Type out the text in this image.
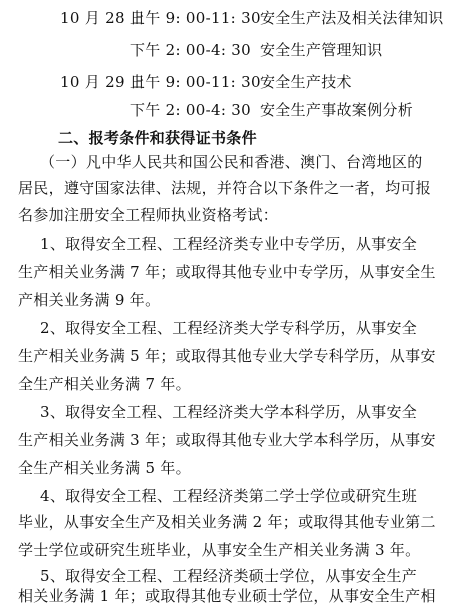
10 月 28 日上午 9: 00-11: 30安全生产法及相关法律知识
下午 2: 00-4: 30 安全生产管理知识
10 月 29 日上午 9: 00-11: 30安全生产技术
下午 2: 00-4: 30 安全生产事故案例分析
二、报考条件和获得证书条件
（一）凡中华人民共和国公民和香港、澳门、台湾地区的
居民，遵守国家法律、法规，并符合以下条件之一者，均可报
名参加注册安全工程师执业资格考试：
1、取得安全工程、工程经济类专业中专学历，从事安全
生产相关业务满 7 年；或取得其他专业中专学历，从事安全生
产相关业务满 9 年。
2、取得安全工程、工程经济类大学专科学历，从事安全
生产相关业务满 5 年；或取得其他专业大学专科学历，从事安
全生产相关业务满 7 年。
3、取得安全工程、工程经济类大学本科学历，从事安全
生产相关业务满 3 年；或取得其他专业大学本科学历，从事安
全生产相关业务满 5 年。
4、取得安全工程、工程经济类第二学士学位或研究生班
毕业，从事安全生产及相关业务满 2 年；或取得其他专业第二
学士学位或研究生班毕业，从事安全生产相关业务满 3 年。
5、取得安全工程、工程经济类硕士学位，从事安全生产
相关业务满 1 年；或取得其他专业硕士学位，从事安全生产相
